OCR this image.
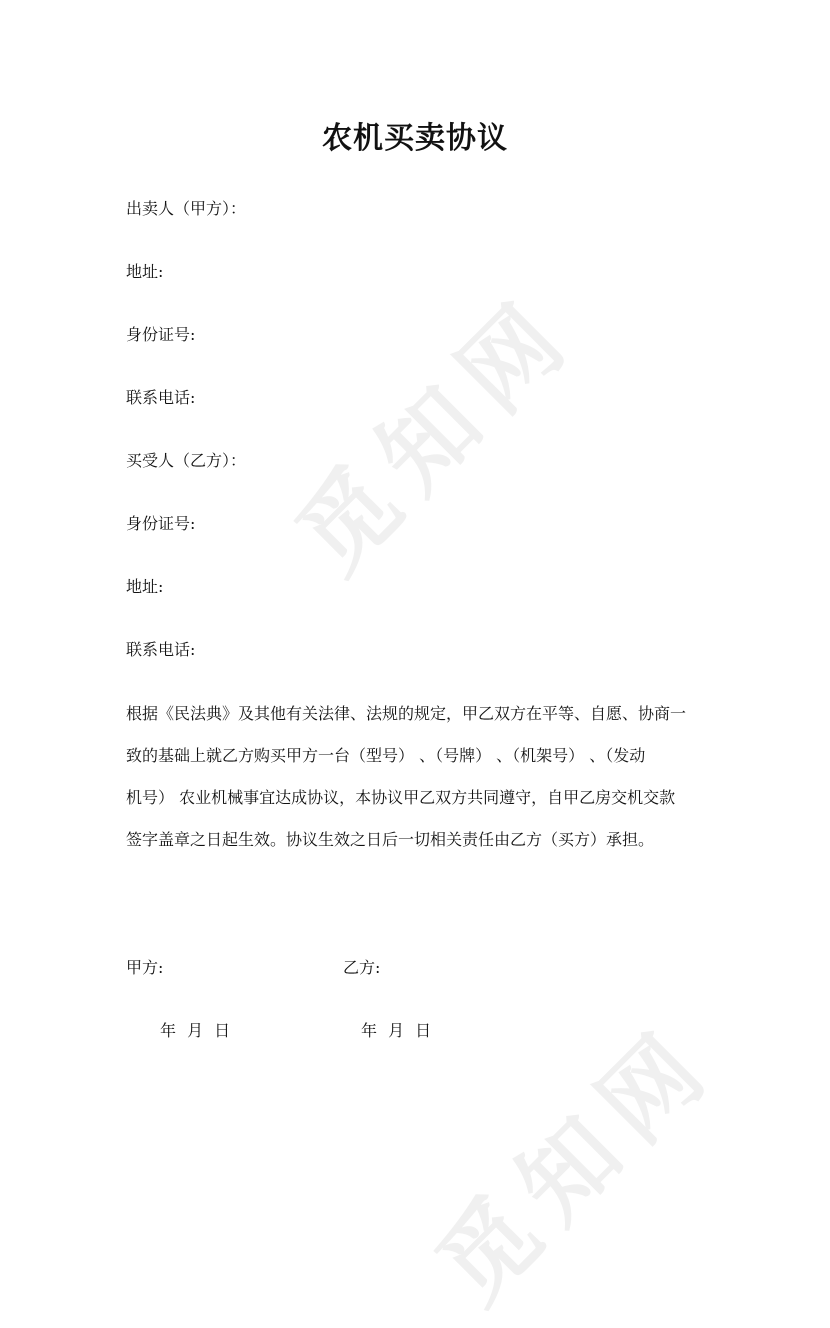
觅知网
觅知网
农机买卖协议
出卖人（甲方）：
地址:
身份证号:
联系电话:
买受人（乙方）：
身份证号:
地址:
联系电话:
根据《民法典》及其他有关法律、法规的规定，甲乙双方在平等、自愿、协商一
致的基础上就乙方购买甲方一台（型号） 、（号牌） 、（机架号） 、（发动
机号） 农业机械事宜达成协议，本协议甲乙双方共同遵守，自甲乙房交机交款
签字盖章之日起生效。协议生效之日后一切相关责任由乙方（买方）承担。
甲方:	乙方:
年 月 日	年 月 日
